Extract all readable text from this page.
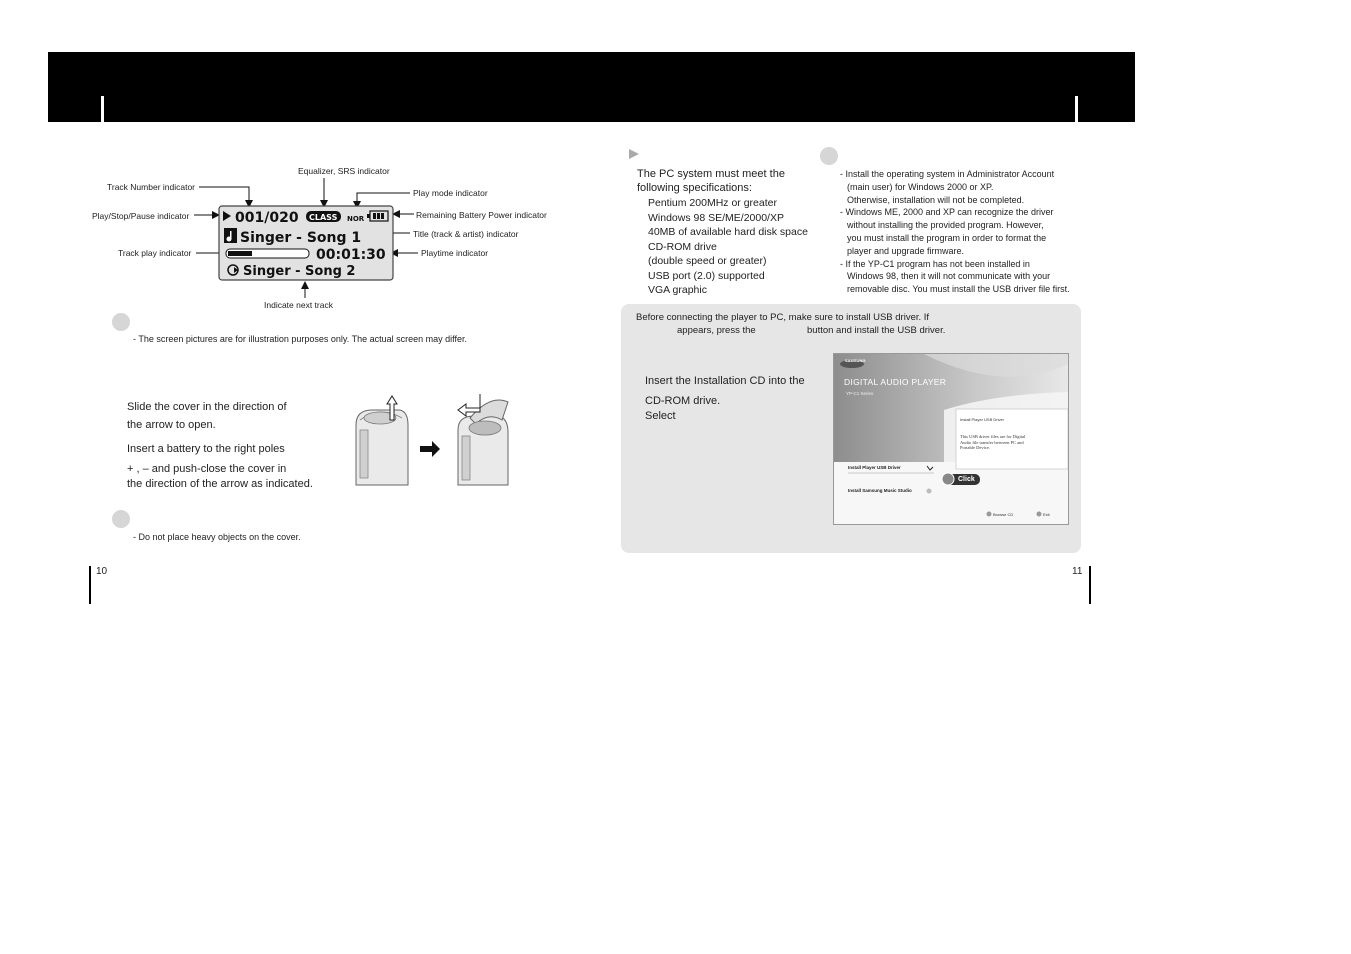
Equalizer, SRS indicator
Track Number indicator
Play mode indicator
Play/Stop/Pause indicator	Remaining Battery Power indicator
Title (track & artist) indicator
Track play indicator	Playtime indicator
Indicate next track
001/020 CLASS NOR
Singer - Song 1
00:01:30
Singer - Song 2
- The screen pictures are for illustration purposes only. The actual screen may differ.
Slide the cover in the direction of
the arrow to open.
Insert a battery to the right poles
+ , – and push-close the cover in
the direction of the arrow as indicated.
- Do not place heavy objects on the cover.
10	11
The PC system must meet the
following specifications:
Pentium 200MHz or greater
Windows 98 SE/ME/2000/XP
40MB of available hard disk space
CD-ROM drive
(double speed or greater)
USB port (2.0) supported
VGA graphic
- Install the operating system in Administrator Account
(main user) for Windows 2000 or XP.
Otherwise, installation will not be completed.
- Windows ME, 2000 and XP can recognize the driver
without installing the provided program. However,
you must install the program in order to format the
player and upgrade firmware.
- If the YP-C1 program has not been installed in
Windows 98, then it will not communicate with your
removable disc. You must install the USB driver file first.
Before connecting the player to PC, make sure to install USB driver. If
appears, press the	button and install the USB driver.
Insert the Installation CD into the
CD-ROM drive.
Select
SAMSUNG
DIGITAL AUDIO PLAYER
YP-C1 Series
Install Player USB Driver
This USB driver files are for Digital
Audio file transfer between PC and
Portable Device.
Install Player USB Driver
Install Samsung Music Studio
Click
Browse CD	Exit
